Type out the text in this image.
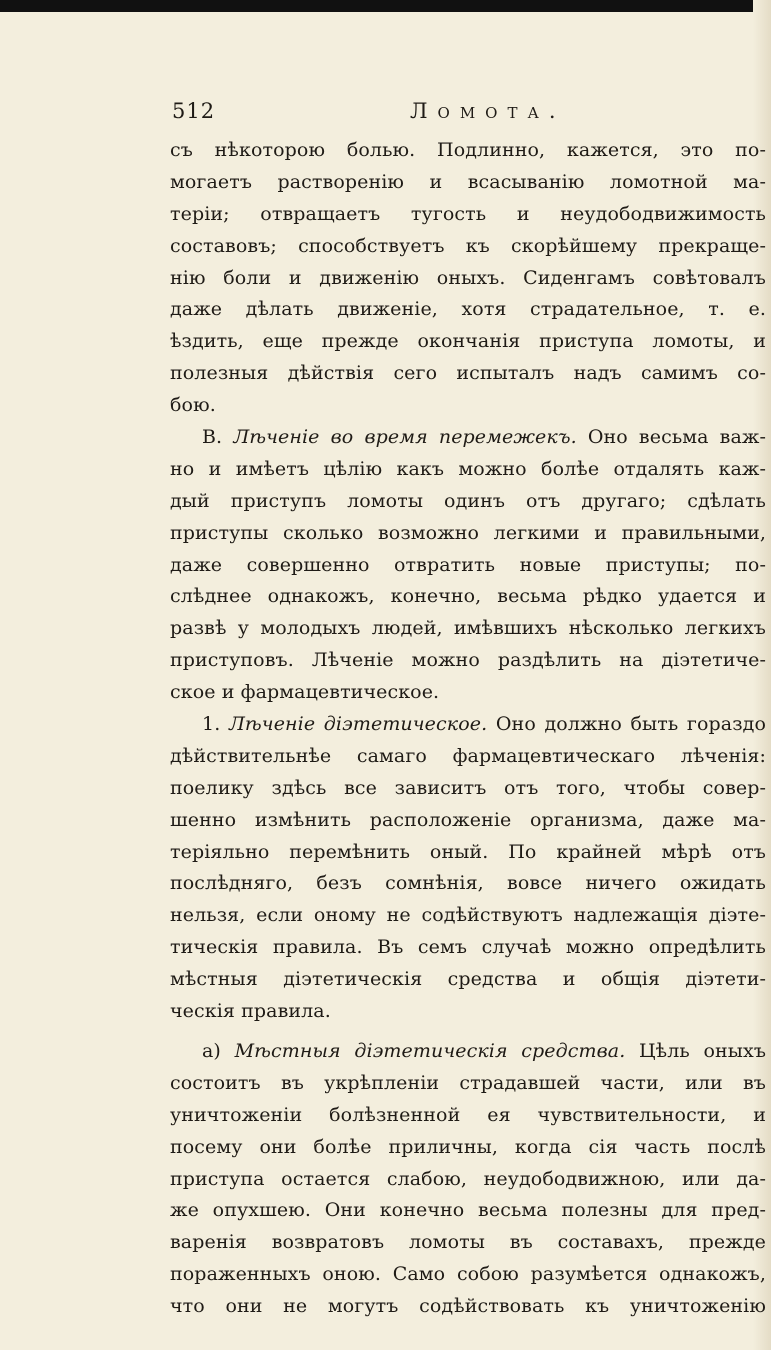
512	Ломота.
съ нѣкоторою болью. Подлинно, кажется, это по-
могаетъ растворенію и всасыванію ломотной ма-
теріи; отвращаетъ тугость и неудободвижимость
составовъ; способствуетъ къ скорѣйшему прекраще-
нію боли и движенію оныхъ. Сиденгамъ совѣтовалъ
даже дѣлать движеніе, хотя страдательное, т. е.
ѣздить, еще прежде окончанія приступа ломоты, и
полезныя дѣйствія сего испыталъ надъ самимъ со-
бою.
В. Лѣченіе во время перемежекъ. Оно весьма важ-
но и имѣетъ цѣлію какъ можно болѣе отдалять каж-
дый приступъ ломоты одинъ отъ другаго; сдѣлать
приступы сколько возможно легкими и правильными,
даже совершенно отвратить новые приступы; по-
слѣднее однакожъ, конечно, весьма рѣдко удается и
развѣ у молодыхъ людей, имѣвшихъ нѣсколько легкихъ
приступовъ. Лѣченіе можно раздѣлить на діэтетиче-
ское и фармацевтическое.
1. Лѣченіе діэтетическое. Оно должно быть гораздо
дѣйствительнѣе самаго фармацевтическаго лѣченія:
поелику здѣсь все зависитъ отъ того, чтобы совер-
шенно измѣнить расположеніе организма, даже ма-
теріяльно перемѣнить оный. По крайней мѣрѣ отъ
послѣдняго, безъ сомнѣнія, вовсе ничего ожидать
нельзя, если оному не содѣйствуютъ надлежащія діэте-
тическія правила. Въ семъ случаѣ можно опредѣлить
мѣстныя діэтетическія средства и общія діэтети-
ческія правила.
а) Мѣстныя діэтетическія средства. Цѣль оныхъ
состоитъ въ укрѣпленіи страдавшей части, или въ
уничтоженіи болѣзненной ея чувствительности, и
посему они болѣе приличны, когда сія часть послѣ
приступа остается слабою, неудободвижною, или да-
же опухшею. Они конечно весьма полезны для пред-
варенія возвратовъ ломоты въ составахъ, прежде
пораженныхъ оною. Само собою разумѣется однакожъ,
что они не могутъ содѣйствовать къ уничтоженію
